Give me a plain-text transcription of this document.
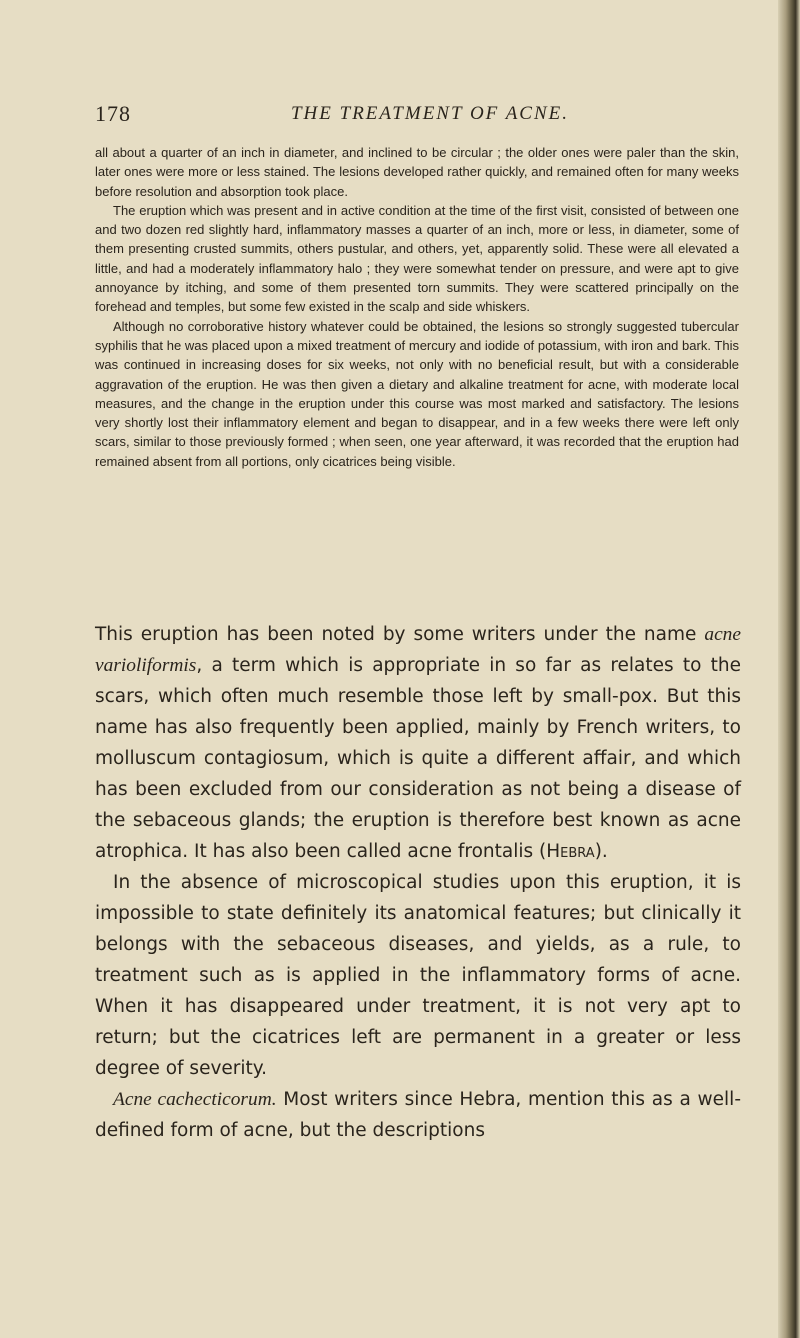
178	THE TREATMENT OF ACNE.

all about a quarter of an inch in diameter, and inclined to be circular ; the older ones were paler than the skin, later ones were more or less stained. The lesions developed rather quickly, and remained often for many weeks before resolution and absorption took place.

The eruption which was present and in active condition at the time of the first visit, consisted of between one and two dozen red slightly hard, inflammatory masses a quarter of an inch, more or less, in diameter, some of them presenting crusted summits, others pustular, and others, yet, apparently solid. These were all elevated a little, and had a moderately inflammatory halo ; they were somewhat tender on pressure, and were apt to give annoyance by itching, and some of them presented torn summits. They were scattered principally on the forehead and temples, but some few existed in the scalp and side whiskers.

Although no corroborative history whatever could be obtained, the lesions so strongly suggested tubercular syphilis that he was placed upon a mixed treatment of mercury and iodide of potassium, with iron and bark. This was continued in increasing doses for six weeks, not only with no beneficial result, but with a considerable aggravation of the eruption. He was then given a dietary and alkaline treatment for acne, with moderate local measures, and the change in the eruption under this course was most marked and satisfactory. The lesions very shortly lost their inflammatory element and began to disappear, and in a few weeks there were left only scars, similar to those previously formed ; when seen, one year afterward, it was recorded that the eruption had remained absent from all portions, only cicatrices being visible.

This eruption has been noted by some writers under the name acne varioliformis, a term which is appropriate in so far as relates to the scars, which often much resemble those left by small-pox. But this name has also frequently been applied, mainly by French writers, to molluscum contagiosum, which is quite a different affair, and which has been excluded from our consideration as not being a disease of the sebaceous glands; the eruption is therefore best known as acne atrophica. It has also been called acne frontalis (Hebra).

In the absence of microscopical studies upon this eruption, it is impossible to state definitely its anatomical features; but clinically it belongs with the sebaceous diseases, and yields, as a rule, to treatment such as is applied in the inflammatory forms of acne. When it has disappeared under treatment, it is not very apt to return; but the cicatrices left are permanent in a greater or less degree of severity.

Acne cachecticorum. Most writers since Hebra, mention this as a well-defined form of acne, but the descriptions
